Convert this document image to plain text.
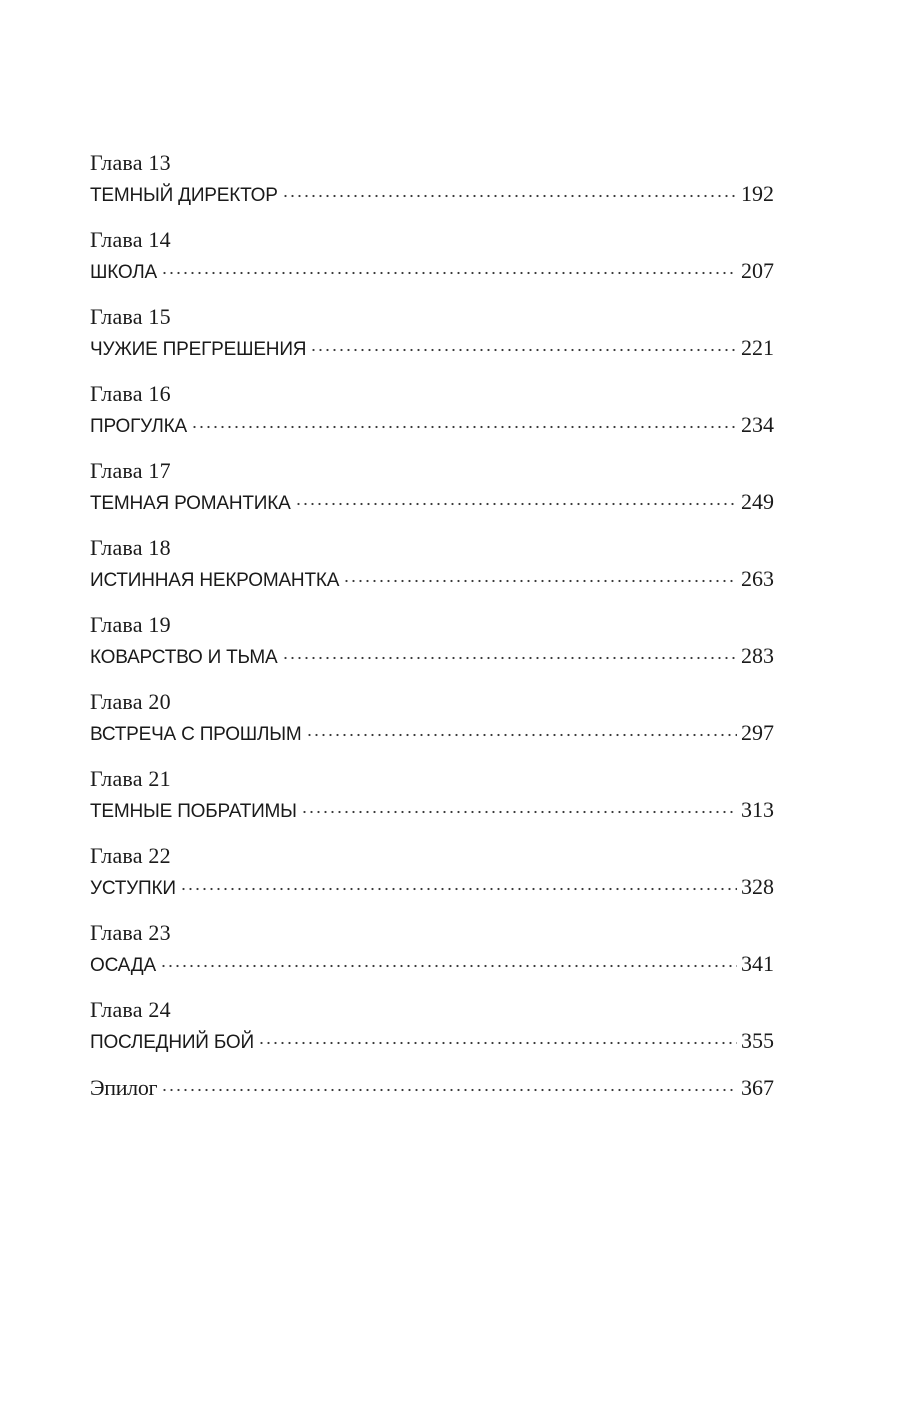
Глава 13
ТЕМНЫЙ ДИРЕКТОР	192
Глава 14
ШКОЛА	207
Глава 15
ЧУЖИЕ ПРЕГРЕШЕНИЯ	221
Глава 16
ПРОГУЛКА	234
Глава 17
ТЕМНАЯ РОМАНТИКА	249
Глава 18
ИСТИННАЯ НЕКРОМАНТКА	263
Глава 19
КОВАРСТВО И ТЬМА	283
Глава 20
ВСТРЕЧА С ПРОШЛЫМ	297
Глава 21
ТЕМНЫЕ ПОБРАТИМЫ	313
Глава 22
УСТУПКИ	328
Глава 23
ОСАДА	341
Глава 24
ПОСЛЕДНИЙ БОЙ	355
Эпилог	367
